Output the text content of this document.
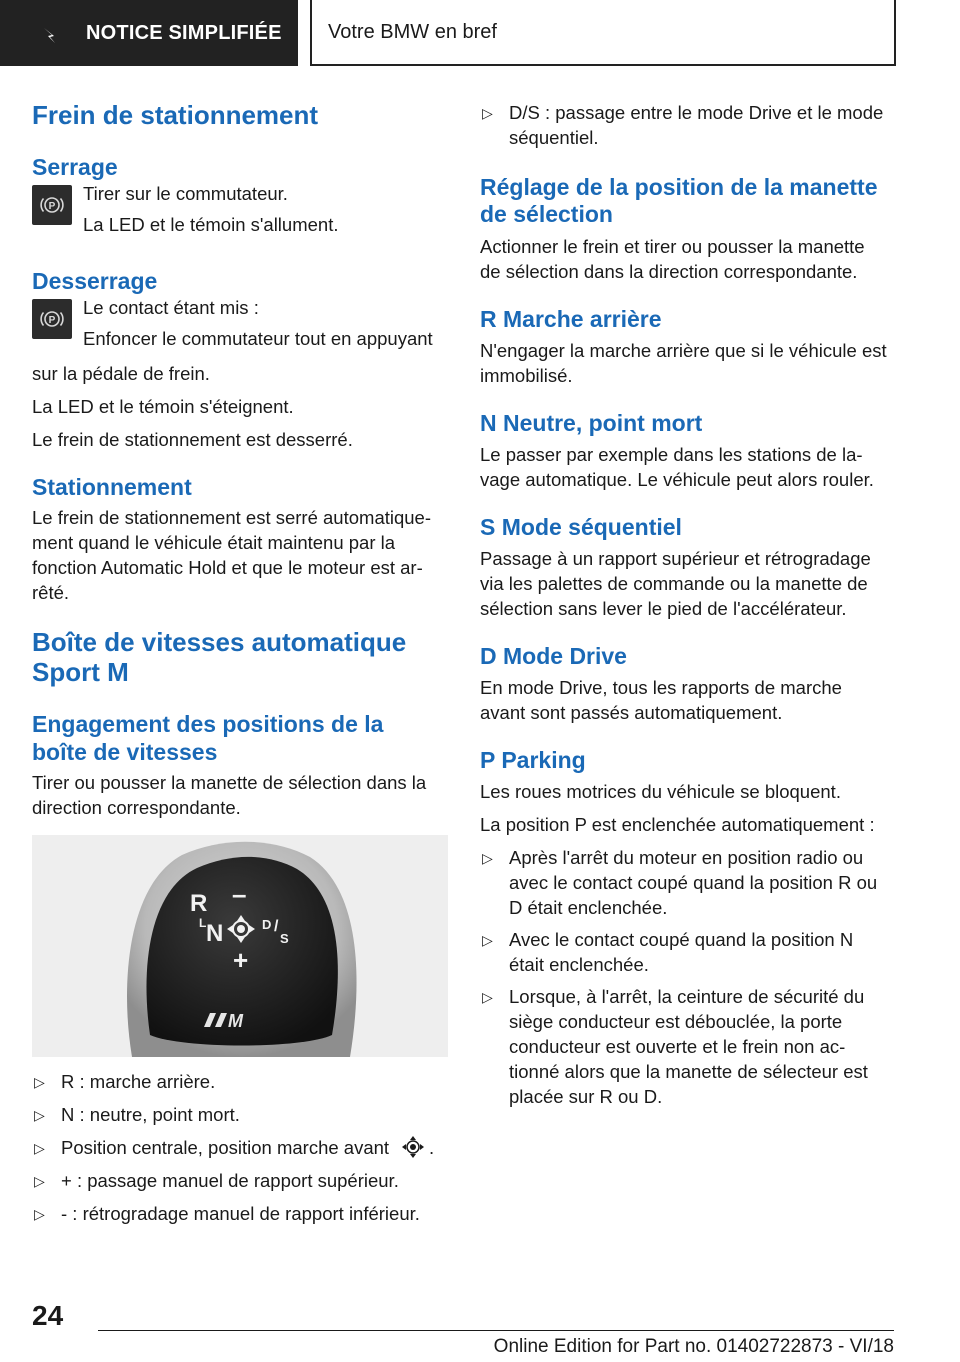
NOTICE SIMPLIFIÉE Votre BMW en bref
Frein de stationnement
Serrage
P
Tirer sur le commutateur.
La LED et le témoin s'allument.
Desserrage
P
Le contact étant mis :
Enfoncer le commutateur tout en appuyant
sur la pédale de frein.
La LED et le témoin s'éteignent.
Le frein de stationnement est desserré.
Stationnement
Le frein de stationnement est serré automatique-
ment quand le véhicule était maintenu par la
fonction Automatic Hold et que le moteur est ar-
rêté.
Boîte de vitesses automatique
Sport M
Engagement des positions de la
boîte de vitesses
Tirer ou pousser la manette de sélection dans la
direction correspondante.
R –
L N	D /
S
+
M
▷ R : marche arrière.
▷ N : neutre, point mort.
▷ Position centrale, position marche avant .
▷ + : passage manuel de rapport supérieur.
▷ - : rétrogradage manuel de rapport inférieur.
▷ D/S : passage entre le mode Drive et le mode
séquentiel.
Réglage de la position de la manette
de sélection
Actionner le frein et tirer ou pousser la manette
de sélection dans la direction correspondante.
R Marche arrière
N'engager la marche arrière que si le véhicule est
immobilisé.
N Neutre, point mort
Le passer par exemple dans les stations de la-
vage automatique. Le véhicule peut alors rouler.
S Mode séquentiel
Passage à un rapport supérieur et rétrogradage
via les palettes de commande ou la manette de
sélection sans lever le pied de l'accélérateur.
D Mode Drive
En mode Drive, tous les rapports de marche
avant sont passés automatiquement.
P Parking
Les roues motrices du véhicule se bloquent.
La position P est enclenchée automatiquement :
▷ Après l'arrêt du moteur en position radio ou
avec le contact coupé quand la position R ou
D était enclenchée.
▷ Avec le contact coupé quand la position N
était enclenchée.
▷ Lorsque, à l'arrêt, la ceinture de sécurité du
siège conducteur est débouclée, la porte
conducteur est ouverte et le frein non ac-
tionné alors que la manette de sélecteur est
placée sur R ou D.
24
Online Edition for Part no. 01402722873 - VI/18
